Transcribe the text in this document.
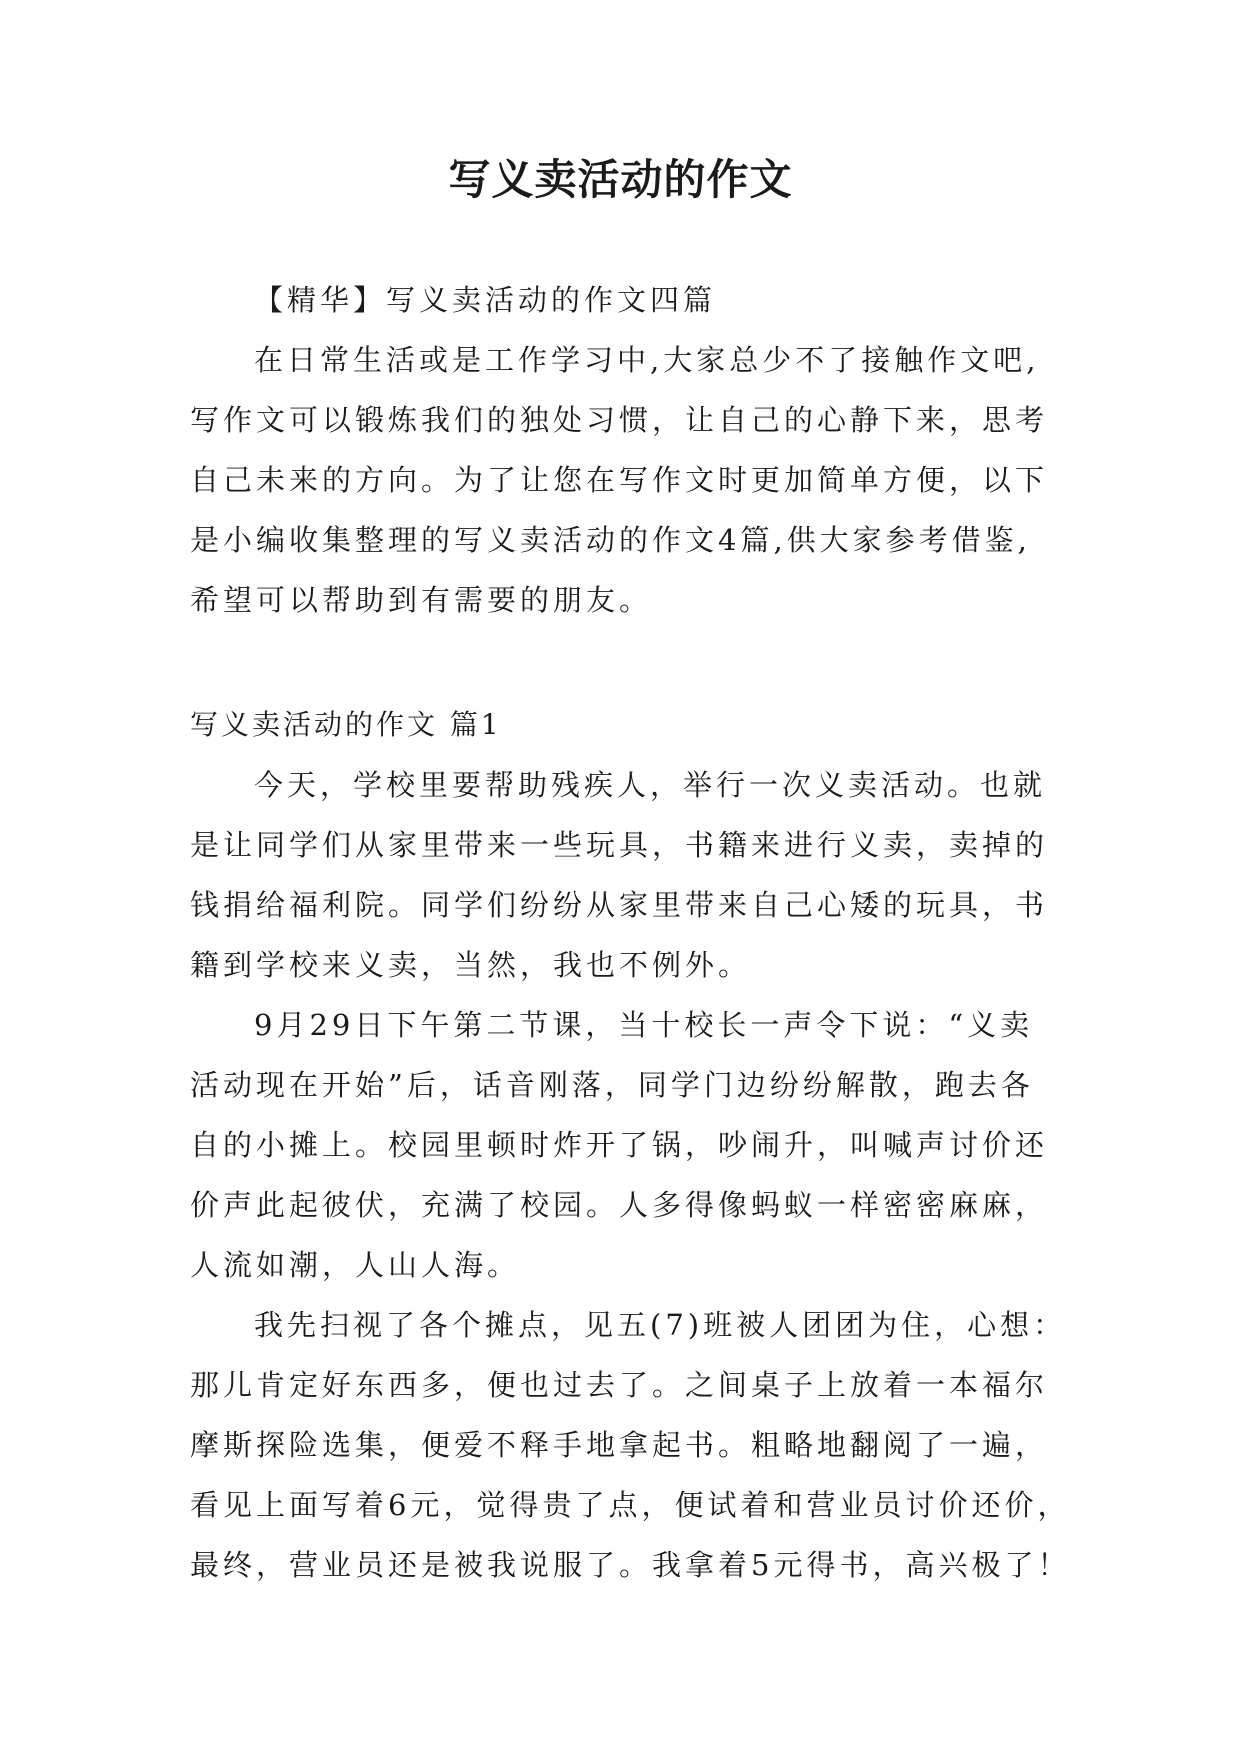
写义卖活动的作文
【精华】写义卖活动的作文四篇
在日常生活或是工作学习中,大家总少不了接触作文吧,
写作文可以锻炼我们的独处习惯，让自己的心静下来，思考
自己未来的方向。为了让您在写作文时更加简单方便，以下
是小编收集整理的写义卖活动的作文4篇,供大家参考借鉴,
希望可以帮助到有需要的朋友。
写义卖活动的作文 篇1
今天，学校里要帮助残疾人，举行一次义卖活动。也就
是让同学们从家里带来一些玩具，书籍来进行义卖，卖掉的
钱捐给福利院。同学们纷纷从家里带来自己心矮的玩具，书
籍到学校来义卖，当然，我也不例外。
9月29日下午第二节课，当十校长一声令下说：“义卖
活动现在开始”后，话音刚落，同学门边纷纷解散，跑去各
自的小摊上。校园里顿时炸开了锅，吵闹升，叫喊声讨价还
价声此起彼伏，充满了校园。人多得像蚂蚁一样密密麻麻，
人流如潮，人山人海。
我先扫视了各个摊点，见五(7)班被人团团为住，心想：
那儿肯定好东西多，便也过去了。之间桌子上放着一本福尔
摩斯探险选集，便爱不释手地拿起书。粗略地翻阅了一遍，
看见上面写着6元，觉得贵了点，便试着和营业员讨价还价，
最终，营业员还是被我说服了。我拿着5元得书，高兴极了！
